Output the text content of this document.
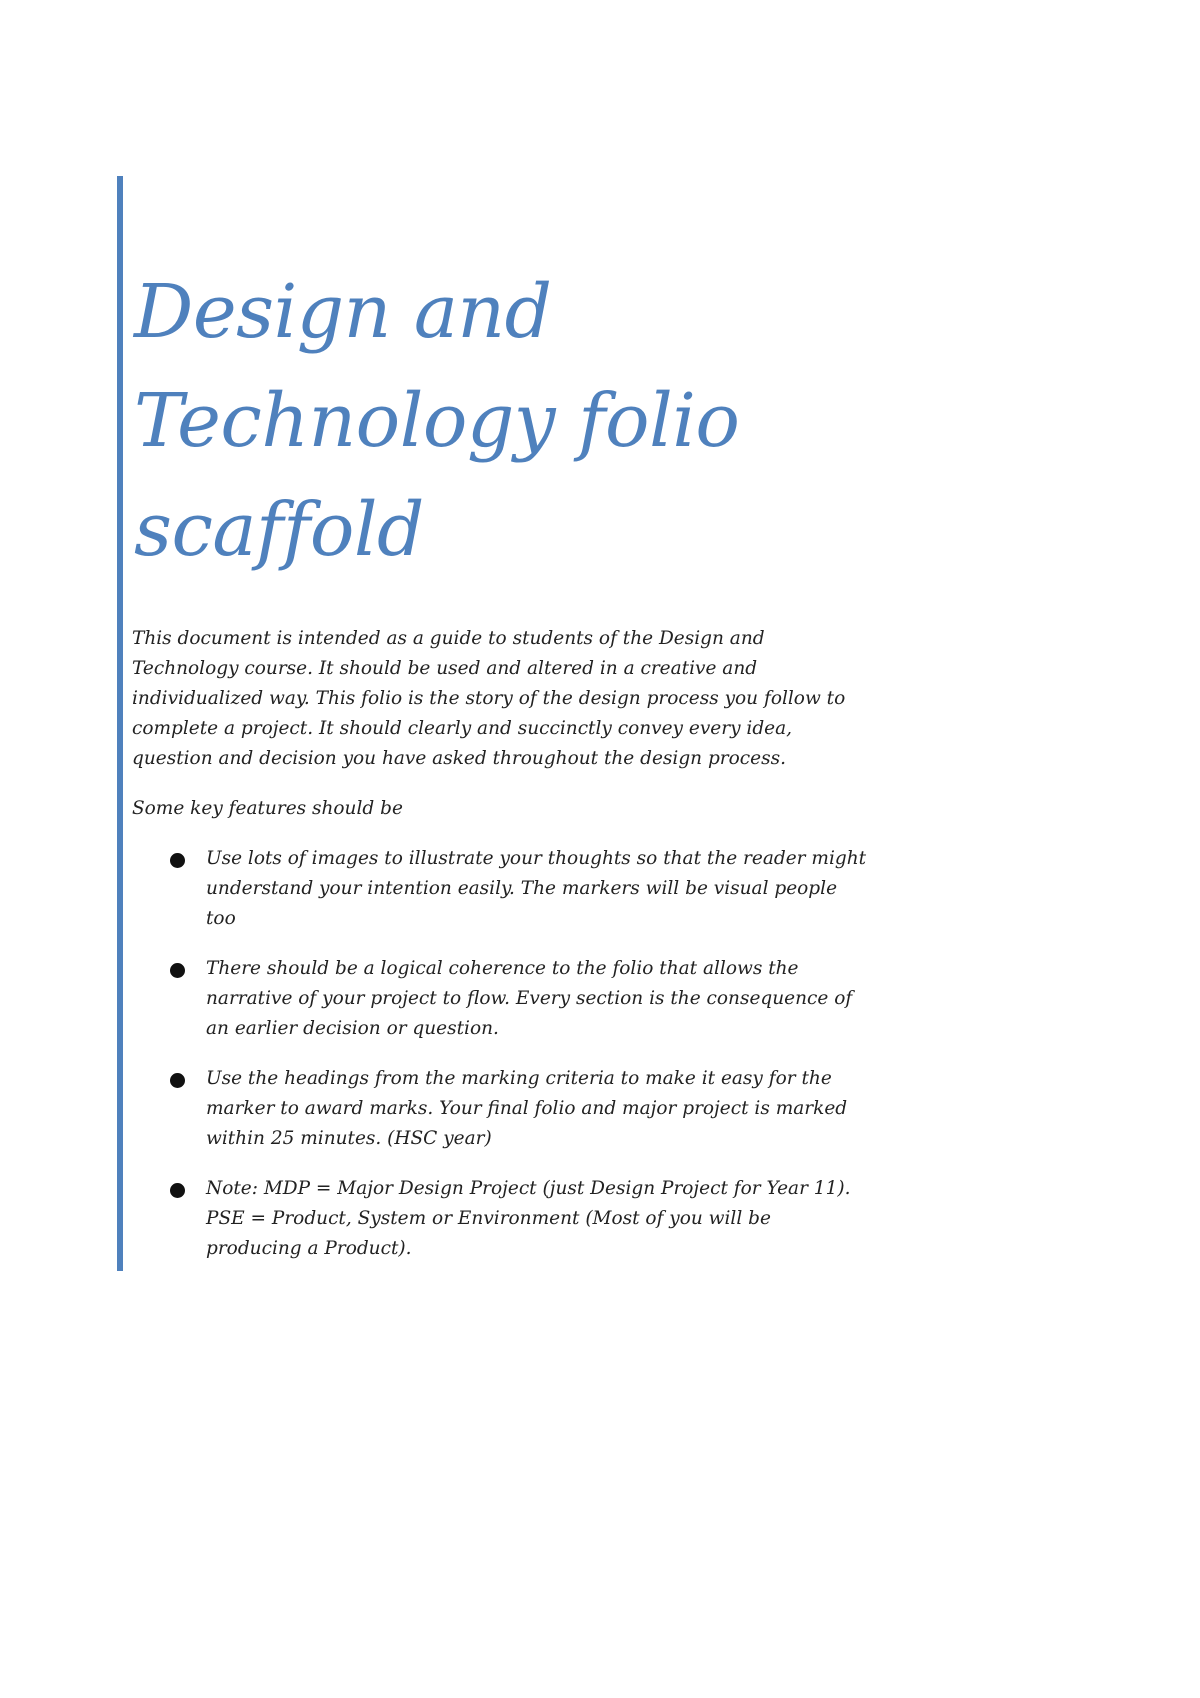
Design and
Technology folio
scaffold

This document is intended as a guide to students of the Design and Technology course. It should be used and altered in a creative and individualized way. This folio is the story of the design process you follow to complete a project. It should clearly and succinctly convey every idea, question and decision you have asked throughout the design process.

Some key features should be

Use lots of images to illustrate your thoughts so that the reader might understand your intention easily. The markers will be visual people too
There should be a logical coherence to the folio that allows the narrative of your project to flow. Every section is the consequence of an earlier decision or question.
Use the headings from the marking criteria to make it easy for the marker to award marks. Your final folio and major project is marked within 25 minutes. (HSC year)
Note: MDP = Major Design Project (just Design Project for Year 11). PSE = Product, System or Environment (Most of you will be producing a Product).
